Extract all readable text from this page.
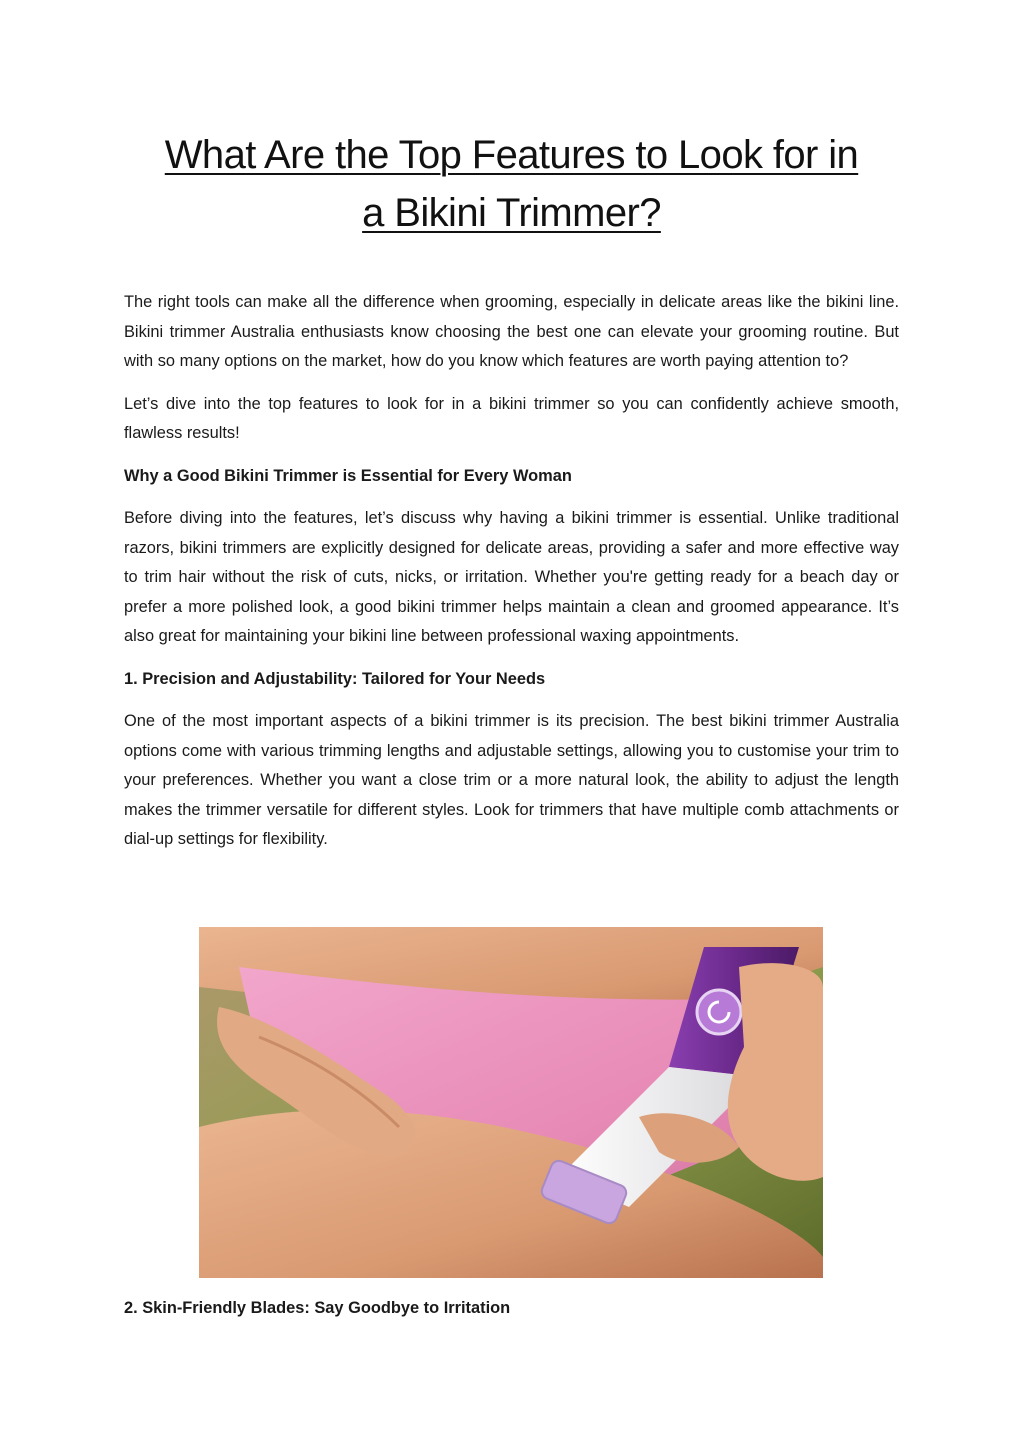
What Are the Top Features to Look for in
a Bikini Trimmer?

The right tools can make all the difference when grooming, especially in delicate areas like the bikini line. Bikini trimmer Australia enthusiasts know choosing the best one can elevate your grooming routine. But with so many options on the market, how do you know which features are worth paying attention to?

Let’s dive into the top features to look for in a bikini trimmer so you can confidently achieve smooth, flawless results!

Why a Good Bikini Trimmer is Essential for Every Woman

Before diving into the features, let’s discuss why having a bikini trimmer is essential. Unlike traditional razors, bikini trimmers are explicitly designed for delicate areas, providing a safer and more effective way to trim hair without the risk of cuts, nicks, or irritation. Whether you're getting ready for a beach day or prefer a more polished look, a good bikini trimmer helps maintain a clean and groomed appearance. It’s also great for maintaining your bikini line between professional waxing appointments.

1. Precision and Adjustability: Tailored for Your Needs

One of the most important aspects of a bikini trimmer is its precision. The best bikini trimmer Australia options come with various trimming lengths and adjustable settings, allowing you to customise your trim to your preferences. Whether you want a close trim or a more natural look, the ability to adjust the length makes the trimmer versatile for different styles. Look for trimmers that have multiple comb attachments or dial-up settings for flexibility.

2. Skin-Friendly Blades: Say Goodbye to Irritation
